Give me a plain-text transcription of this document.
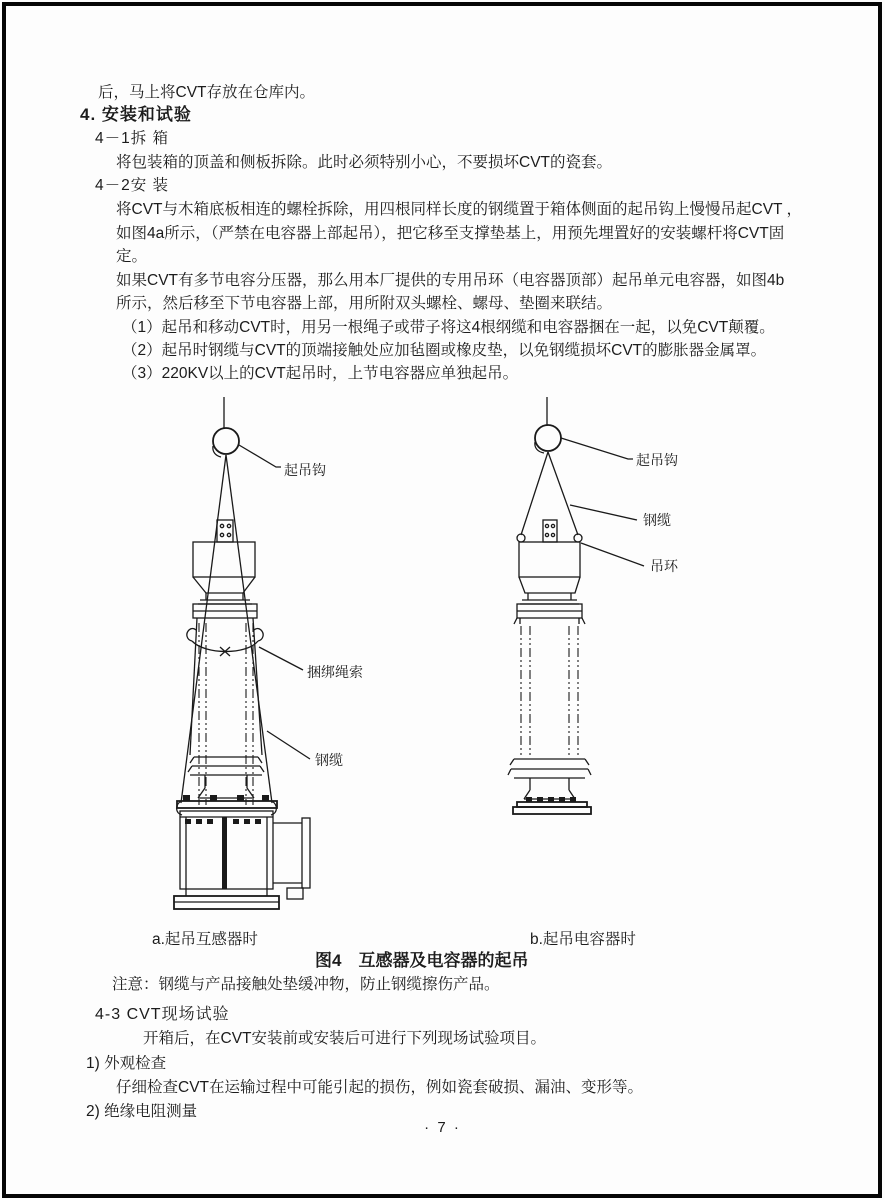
后，马上将CVT存放在仓库内。
4. 安装和试验
4－1拆 箱
将包装箱的顶盖和侧板拆除。此时必须特别小心，不要损坏CVT的瓷套。
4－2安 装
将CVT与木箱底板相连的螺栓拆除，用四根同样长度的钢缆置于箱体侧面的起吊钩上慢慢吊起CVT ，
如图4a所示，（严禁在电容器上部起吊），把它移至支撑垫基上，用预先埋置好的安装螺杆将CVT固
定。
如果CVT有多节电容分压器，那么用本厂提供的专用吊环（电容器顶部）起吊单元电容器，如图4b
所示，然后移至下节电容器上部，用所附双头螺栓、螺母、垫圈来联结。
（1）起吊和移动CVT时，用另一根绳子或带子将这4根纲缆和电容器捆在一起，以免CVT颠覆。
（2）起吊时钢缆与CVT的顶端接触处应加毡圈或橡皮垫，以免钢缆损坏CVT的膨胀器金属罩。
（3）220KV以上的CVT起吊时，上节电容器应单独起吊。
起吊钩
捆绑绳索
钢缆
起吊钩
钢缆
吊环
a.起吊互感器时	b.起吊电容器时
图4　互感器及电容器的起吊
注意：钢缆与产品接触处垫缓冲物，防止钢缆擦伤产品。
4-3 CVT现场试验
开箱后，在CVT安装前或安装后可进行下列现场试验项目。
1) 外观检查
仔细检查CVT在运输过程中可能引起的损伤，例如瓷套破损、漏油、变形等。
2) 绝缘电阻测量
· 7 ·
